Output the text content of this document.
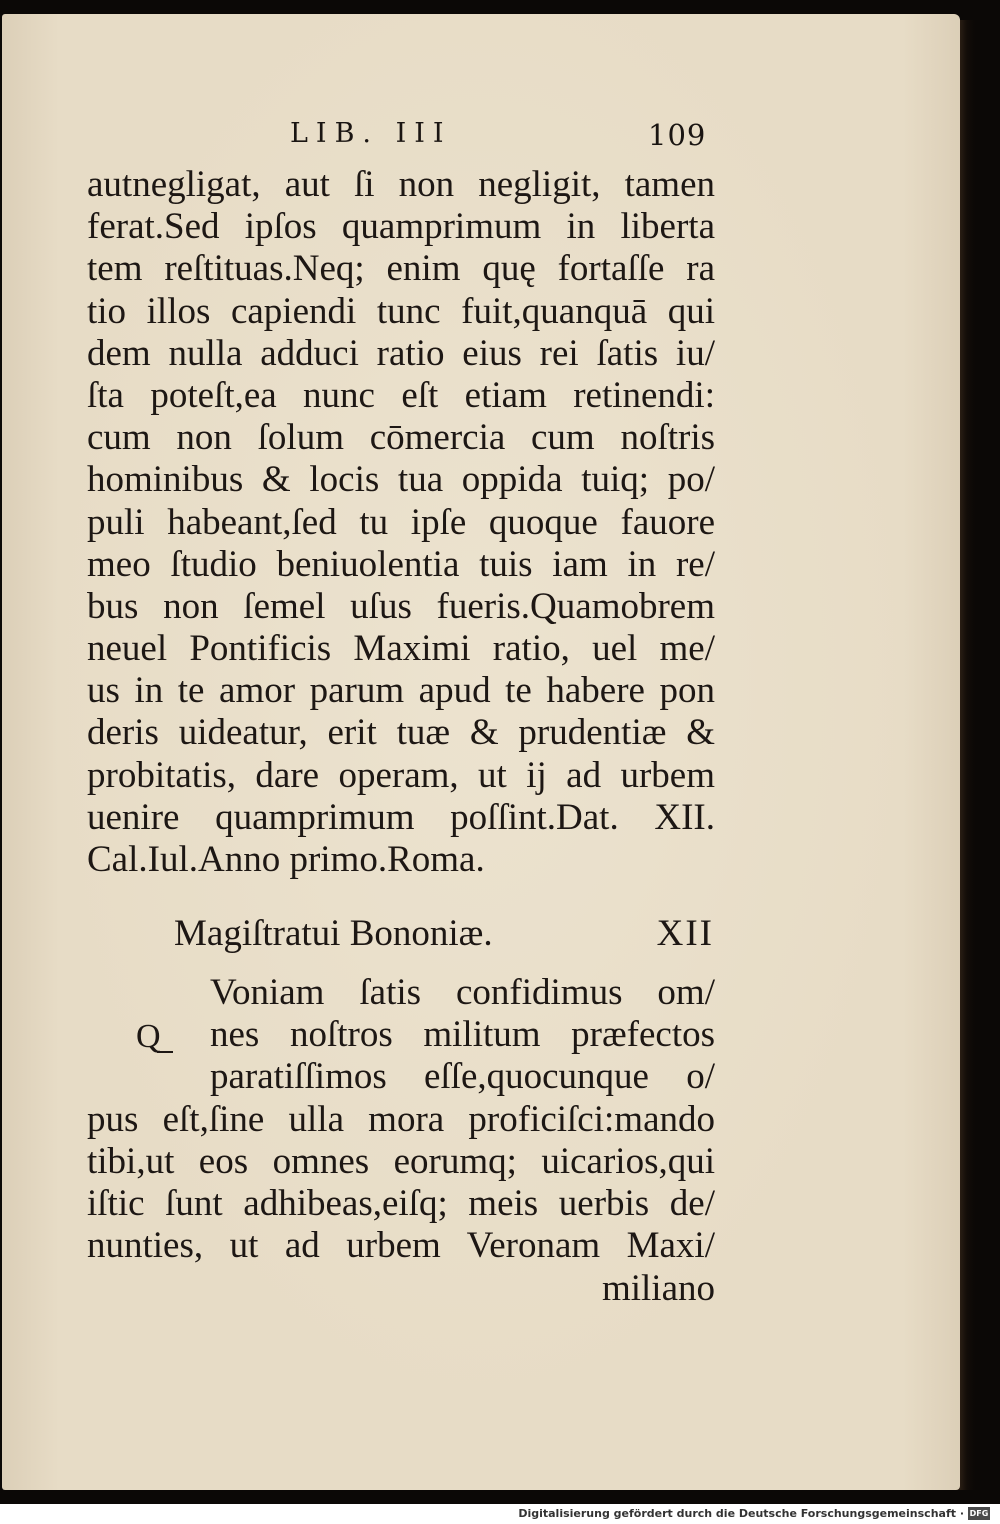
LIB. III	109
autnegligat, aut ſi non negligit, tamen
ferat.Sed ipſos quamprimum in liberta
tem reſtituas.Neq; enim quę fortaſſe ra
tio illos capiendi tunc fuit,quanquā qui
dem nulla adduci ratio eius rei ſatis iu/
ſta poteſt,ea nunc eſt etiam retinendi:
cum non ſolum cōmercia cum noſtris
hominibus & locis tua oppida tuiq; po/
puli habeant,ſed tu ipſe quoque fauore
meo ſtudio beniuolentia tuis iam in re/
bus non ſemel uſus fueris.Quamobrem
neuel Pontificis Maximi ratio, uel me/
us in te amor parum apud te habere pon
deris uideatur, erit tuæ & prudentiæ &
probitatis, dare operam, ut ij ad urbem
uenire quamprimum poſſint.Dat. XII.
Cal.Iul.Anno primo.Roma.
Magiſtratui Bononiæ.	XII
Q
Voniam ſatis confidimus om/
nes noſtros militum præfectos
paratiſſimos eſſe,quocunque o/
pus eſt,ſine ulla mora proficiſci:mando
tibi,ut eos omnes eorumq; uicarios,qui
iſtic ſunt adhibeas,eiſq; meis uerbis de/
nunties, ut ad urbem Veronam Maxi/
miliano
Digitalisierung gefördert durch die Deutsche Forschungsgemeinschaft · DFG
